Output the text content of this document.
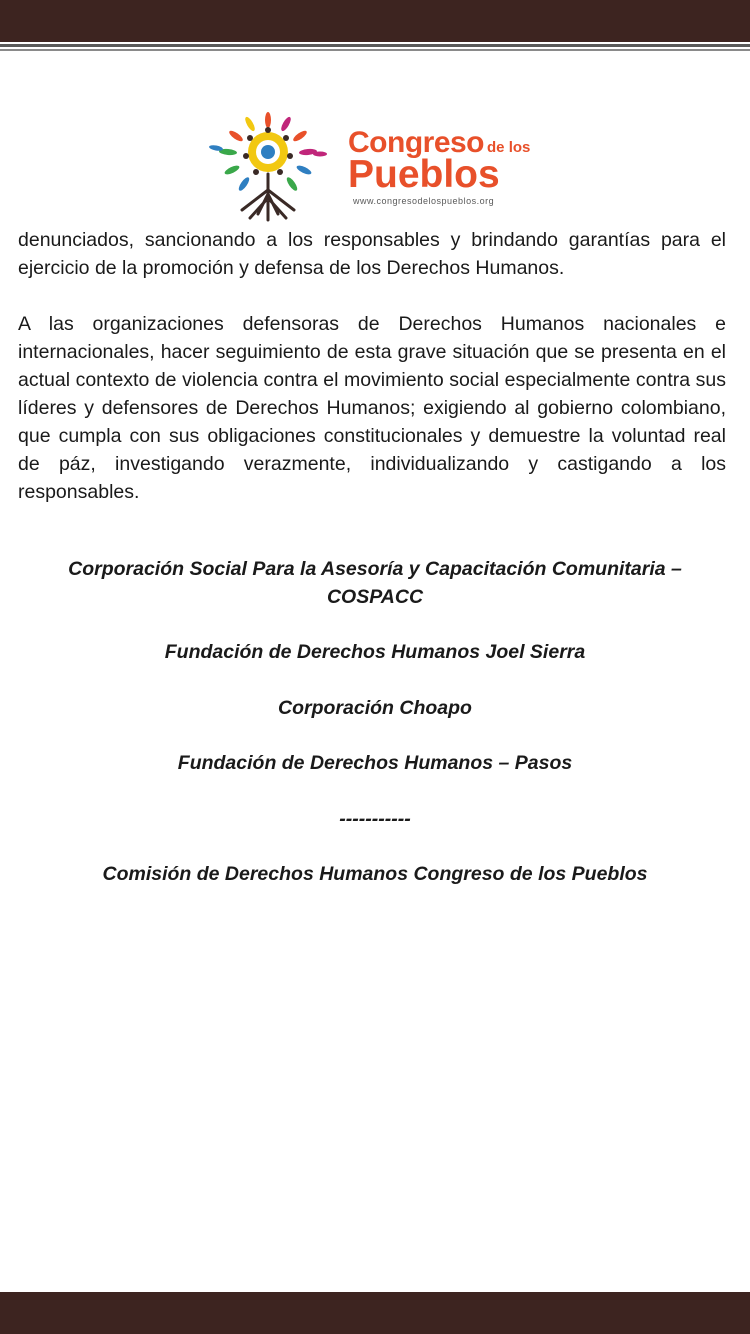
Congreso de los
Pueblos
www.congresodelospueblos.org

denunciados, sancionando a los responsables y brindando garantías para el ejercicio de la promoción y defensa de los Derechos Humanos.

A las organizaciones defensoras de Derechos Humanos nacionales e internacionales, hacer seguimiento de esta grave situación que se presenta en el actual contexto de violencia contra el movimiento social especialmente contra sus líderes y defensores de Derechos Humanos; exigiendo al gobierno colombiano, que cumpla con sus obligaciones constitucionales y demuestre la voluntad real de páz, investigando verazmente, individualizando y castigando a los responsables.

Corporación Social Para la Asesoría y Capacitación Comunitaria –
COSPACC

Fundación de Derechos Humanos Joel Sierra

Corporación Choapo

Fundación de Derechos Humanos – Pasos

-----------

Comisión de Derechos Humanos Congreso de los Pueblos
